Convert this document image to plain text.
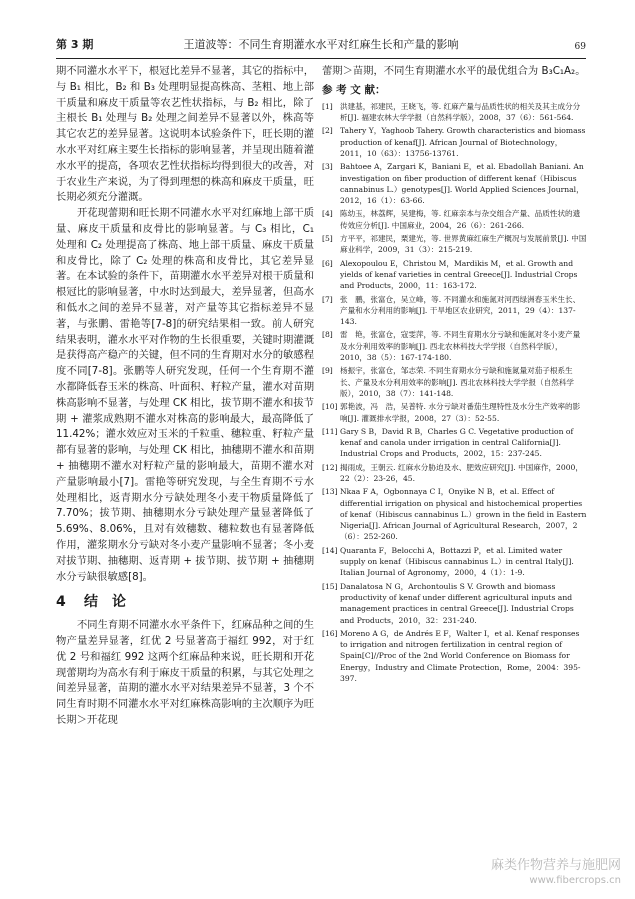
第 3 期	王道波等：不同生育期灌水水平对红麻生长和产量的影响	69

期不同灌水水平下，根冠比差异不显著，其它的指标中，与 B₁ 相比，B₂ 和 B₃ 处理明显提高株高、茎粗、地上部干质量和麻皮干质量等农艺性状指标，与 B₂ 相比，除了主根长 B₁ 处理与 B₂ 处理之间差异不显著以外，株高等其它农艺的差异显著。这说明本试验条件下，旺长期的灌水水平对红麻主要生长指标的影响显著，并呈现出随着灌水水平的提高，各项农艺性状指标均得到很大的改善，对于农业生产来说，为了得到理想的株高和麻皮干质量，旺长期必须充分灌溉。

开花现蕾期和旺长期不同灌水水平对红麻地上部干质量、麻皮干质量和皮骨比的影响显著。与 C₃ 相比，C₁ 处理和 C₂ 处理提高了株高、地上部干质量、麻皮干质量和皮骨比，除了 C₂ 处理的株高和皮骨比，其它差异显著。在本试验的条件下，苗期灌水水平差异对根干质量和根冠比的影响显著，中水时达到最大，差异显著，但高水和低水之间的差异不显著，对产量等其它指标差异不显著，与张鹏、雷艳等[7-8]的研究结果相一致。前人研究结果表明，灌水水平对作物的生长很重要，关键时期灌溉是获得高产稳产的关键，但不同的生育期对水分的敏感程度不同[7-8]。张鹏等人研究发现，任何一个生育期不灌水都降低春玉米的株高、叶面积、籽粒产量，灌水对苗期株高影响不显著，与处理 CK 相比，拔节期不灌水和拔节期 + 灌浆成熟期不灌水对株高的影响最大，最高降低了 11.42%；灌水效应对玉米的千粒重、穗粒重、籽粒产量都有显著的影响，与处理 CK 相比，抽穗期不灌水和苗期 + 抽穗期不灌水对籽粒产量的影响最大，苗期不灌水对产量影响最小[7]。雷艳等研究发现，与全生育期不亏水处理相比，返青期水分亏缺处理冬小麦干物质量降低了 7.70%；拔节期、抽穗期水分亏缺处理产量显著降低了 5.69%、8.06%，且对有效穗数、穗粒数也有显著降低作用，灌浆期水分亏缺对冬小麦产量影响不显著；冬小麦对拔节期、抽穗期、返青期 + 拔节期、拔节期 + 抽穗期水分亏缺很敏感[8]。

4 结　论

不同生育期不同灌水水平条件下，红麻品种之间的生物产量差异显著，红优 2 号显著高于福红 992，对于红优 2 号和福红 992 这两个红麻品种来说，旺长期和开花现蕾期均为高水有利于麻皮干质量的积累，与其它处理之间差异显著，苗期的灌水水平对结果差异不显著，3 个不同生育时期不同灌水水平对红麻株高影响的主次顺序为旺长期＞开花现

蕾期＞苗期，不同生育期灌水水平的最优组合为 B₃C₁A₂。

参 考 文 献：
[1] 洪建基，祁建民，王晓飞，等. 红麻产量与品质性状的相关及其主成分分析[J]. 福建农林大学学报（自然科学版），2008，37（6）：561-564.
[2] Tahery Y，Yaghoob Tahery. Growth characteristics and biomass production of kenaf[J]. African Journal of Biotechnology，2011，10（63）：13756-13761.
[3] Bahtoee A，Zargari K，Baniani E，et al. Ebadollah Baniani. An investigation on fiber production of different kenaf（Hibiscus cannabinus L.）genotypes[J]. World Applied Sciences Journal，2012，16（1）：63-66.
[4] 陈幼玉，林荔辉，吴建梅，等. 红麻亲本与杂交组合产量、品质性状的遗传效应分析[J]. 中国麻业，2004，26（6）：261-266.
[5] 方平平，祁建民，栗建光，等. 世界黄麻红麻生产概况与发展前景[J]. 中国麻业科学，2009，31（3）：215-219.
[6] Alexopoulou E，Christou M，Mardikis M，et al. Growth and yields of kenaf varieties in central Greece[J]. Industrial Crops and Products，2000，11：163-172.
[7] 张　鹏，张富仓，吴立峰，等. 不同灌水和施氮对河西绿洲春玉米生长、产量和水分利用的影响[J]. 干旱地区农业研究，2011，29（4）：137-143.
[8] 雷　艳，张富仓，寇雯萍，等. 不同生育期水分亏缺和施氮对冬小麦产量及水分利用效率的影响[J]. 西北农林科技大学学报（自然科学版），2010，38（5）：167-174-180.
[9] 杨振宇，张富仓，邹志荣. 不同生育期水分亏缺和施氮量对茄子根系生长、产量及水分利用效率的影响[J]. 西北农林科技大学学报（自然科学版），2010，38（7）：141-148.
[10] 郭艳波，冯　浩，吴普特. 水分亏缺对番茄生理特性及水分生产效率的影响[J]. 灌溉排水学报，2008，27（3）：52-55.
[11] Gary S B，David R B，Charles G C. Vegetative production of kenaf and canola under irrigation in central California[J]. Industrial Crops and Products，2002，15：237-245.
[12] 揭雨成，王朝云. 红麻水分胁迫及水、肥效应研究[J]. 中国麻作，2000，22（2）：23-26，45.
[13] Nkaa F A，Ogbonnaya C I，Onyike N B，et al. Effect of differential irrigation on physical and histochemical properties of kenaf（Hibiscus cannabinus L.）grown in the field in Eastern Nigeria[J]. African Journal of Agricultural Research，2007，2（6）：252-260.
[14] Quaranta F，Belocchi A，Bottazzi P，et al. Limited water supply on kenaf（Hibiscus cannabinus L.）in central Italy[J]. Italian Journal of Agronomy，2000，4（1）：1-9.
[15] Danalatosa N G，Archontoulis S V. Growth and biomass productivity of kenaf under different agricultural inputs and management practices in central Greece[J]. Industrial Crops and Products，2010，32：231-240.
[16] Moreno A G，de Andrés E F，Walter I，et al. Kenaf responses to irrigation and nitrogen fertilization in central region of Spain[C]//Proc of the 2nd World Conference on Biomass for Energy，Industry and Climate Protection，Rome，2004：395-397.
麻类作物营养与施肥网
www.fibercrops.cn
